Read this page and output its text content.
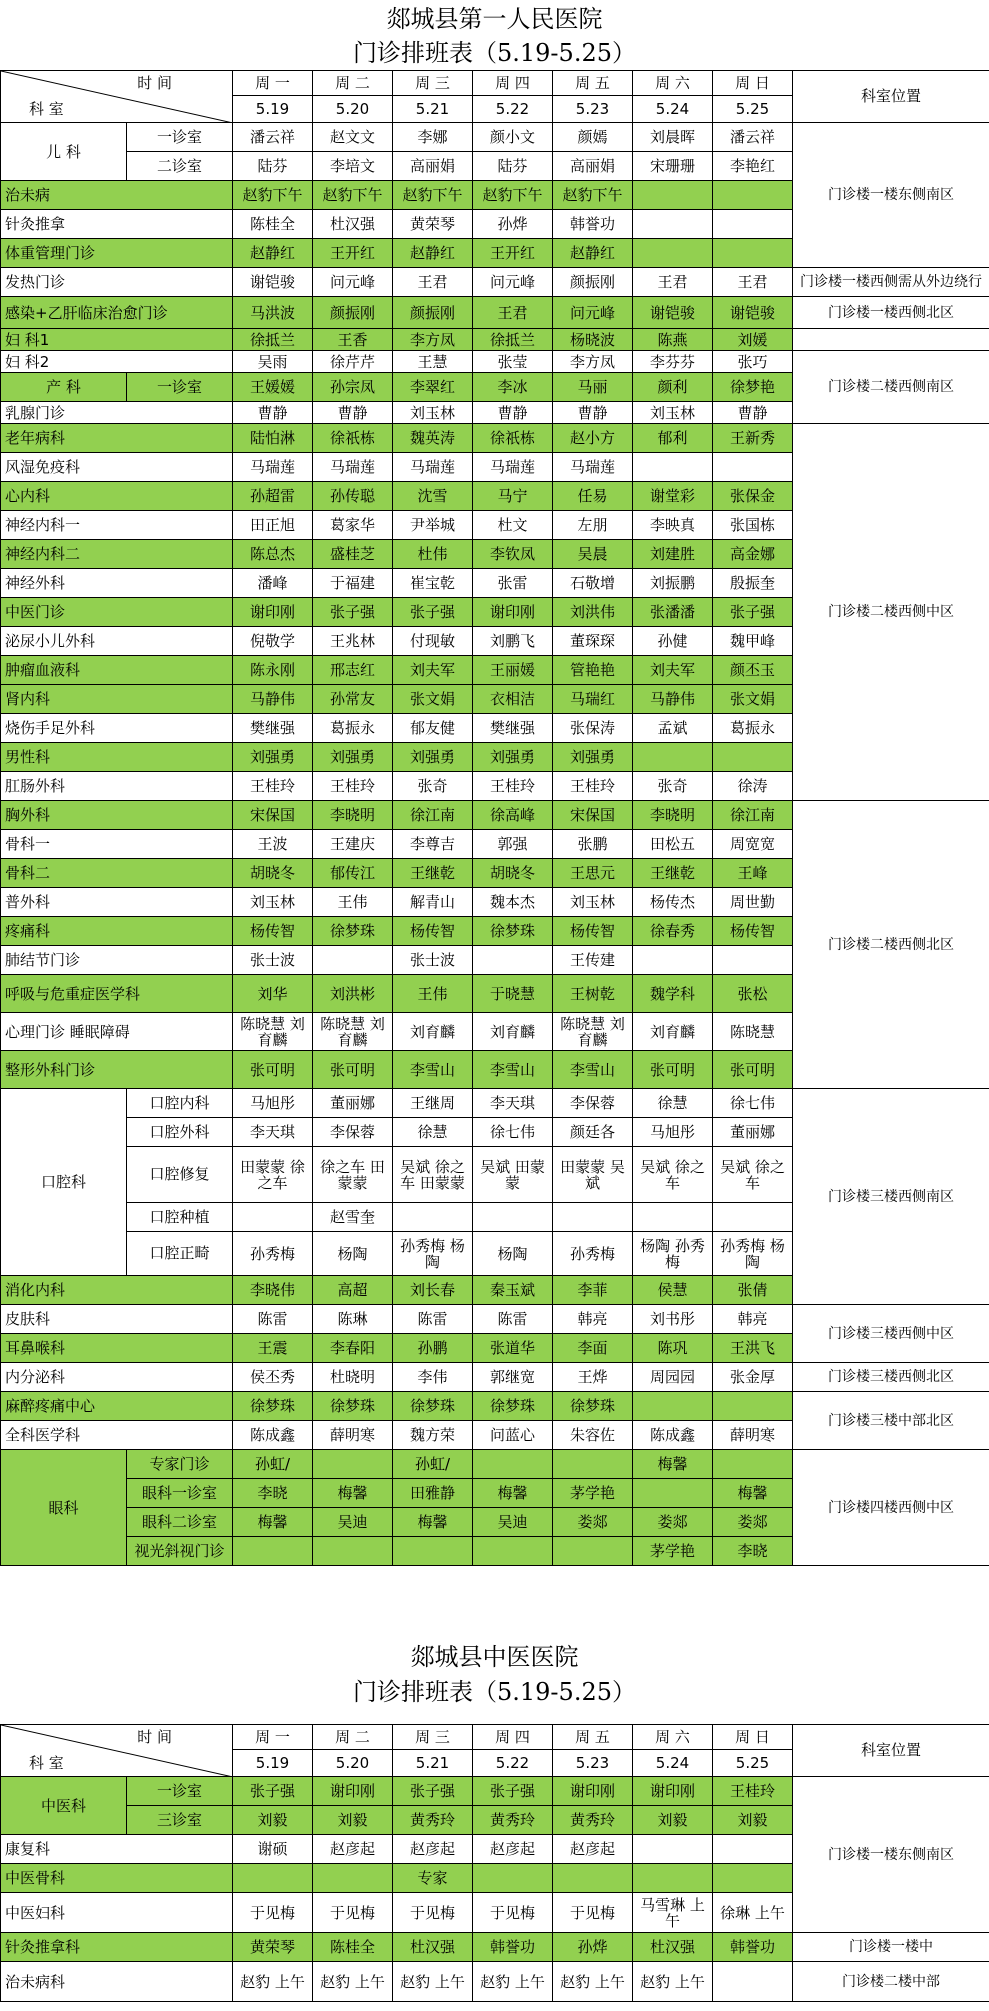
郯城县第一人民医院
门诊排班表（5.19-5.25）
时 间
科 室		周 一	周 二	周 三	周 四	周 五	周 六	周 日	科室位置
		5.19	5.20	5.21	5.22	5.23	5.24	5.25	
儿 科	一诊室	潘云祥	赵文文	李娜	颜小文	颜嫣	刘晨晖	潘云祥	门诊楼一楼东侧南区
	二诊室	陆芬	李培文	高丽娟	陆芬	高丽娟	宋珊珊	李艳红	
治未病		赵豹下午	赵豹下午	赵豹下午	赵豹下午	赵豹下午			
针灸推拿		陈桂全	杜汉强	黄荣琴	孙烨	韩誉功			
体重管理门诊		赵静红	王开红	赵静红	王开红	赵静红			
发热门诊		谢铠骏	问元峰	王君	问元峰	颜振刚	王君	王君	门诊楼一楼西侧需从外边绕行
感染+乙肝临床治愈门诊		马洪波	颜振刚	颜振刚	王君	问元峰	谢铠骏	谢铠骏	门诊楼一楼西侧北区
妇 科1		徐抵兰	王香	李方凤	徐抵兰	杨晓波	陈燕	刘媛	
妇 科2		吴雨	徐芹芹	王慧	张莹	李方凤	李芬芬	张巧	门诊楼二楼西侧南区
产 科	一诊室	王媛媛	孙宗凤	李翠红	李冰	马丽	颜利	徐梦艳	
乳腺门诊		曹静	曹静	刘玉林	曹静	曹静	刘玉林	曹静	
老年病科		陆怕淋	徐祇栋	魏英涛	徐祇栋	赵小方	郁利	王新秀	门诊楼二楼西侧中区
风湿免疫科		马瑞莲	马瑞莲	马瑞莲	马瑞莲	马瑞莲			
心内科		孙超雷	孙传聪	沈雪	马宁	任易	谢堂彩	张保金	
神经内科一		田正旭	葛家华	尹举城	杜文	左朋	李映真	张国栋	
神经内科二		陈总杰	盛桂芝	杜伟	李钦凤	吴晨	刘建胜	高金娜	
神经外科		潘峰	于福建	崔宝乾	张雷	石敬增	刘振鹏	殷振奎	
中医门诊		谢印刚	张子强	张子强	谢印刚	刘洪伟	张潘潘	张子强	
泌尿小儿外科		倪敬学	王兆林	付现敏	刘鹏飞	董琛琛	孙健	魏甲峰	
肿瘤血液科		陈永刚	邢志红	刘夫军	王丽媛	管艳艳	刘夫军	颜丕玉	
肾内科		马静伟	孙常友	张文娟	衣相洁	马瑞红	马静伟	张文娟	
烧伤手足外科		樊继强	葛振永	郁友健	樊继强	张保涛	孟斌	葛振永	
男性科		刘强勇	刘强勇	刘强勇	刘强勇	刘强勇			
肛肠外科		王桂玲	王桂玲	张奇	王桂玲	王桂玲	张奇	徐涛	
胸外科		宋保国	李晓明	徐江南	徐高峰	宋保国	李晓明	徐江南	门诊楼二楼西侧北区
骨科一		王波	王建庆	李尊吉	郭强	张鹏	田松五	周宽宽	
骨科二		胡晓冬	郁传江	王继乾	胡晓冬	王思元	王继乾	王峰	
普外科		刘玉林	王伟	解青山	魏本杰	刘玉林	杨传杰	周世勤	
疼痛科		杨传智	徐梦珠	杨传智	徐梦珠	杨传智	徐春秀	杨传智	
肺结节门诊		张士波		张士波		王传建			
呼吸与危重症医学科		刘华	刘洪彬	王伟	于晓慧	王树乾	魏学科	张松	
心理门诊 睡眠障碍		陈晓慧 刘育麟	陈晓慧 刘育麟	刘育麟	刘育麟	陈晓慧 刘育麟	刘育麟	陈晓慧	
整形外科门诊		张可明	张可明	李雪山	李雪山	李雪山	张可明	张可明	
口腔科	口腔内科	马旭彤	董丽娜	王继周	李天琪	李保蓉	徐慧	徐七伟	门诊楼三楼西侧南区
	口腔外科	李天琪	李保蓉	徐慧	徐七伟	颜廷各	马旭彤	董丽娜	
	口腔修复	田蒙蒙 徐之车	徐之车 田蒙蒙	吴斌 徐之车 田蒙蒙	吴斌 田蒙蒙	田蒙蒙 吴斌	吴斌 徐之车	吴斌 徐之车	
	口腔种植		赵雪奎						
	口腔正畸	孙秀梅	杨陶	孙秀梅 杨陶	杨陶	孙秀梅	杨陶 孙秀梅	孙秀梅 杨陶	
消化内科		李晓伟	高超	刘长春	秦玉斌	李菲	侯慧	张倩	
皮肤科		陈雷	陈琳	陈雷	陈雷	韩亮	刘书彤	韩亮	门诊楼三楼西侧中区
耳鼻喉科		王震	李春阳	孙鹏	张道华	李面	陈巩	王洪飞	
内分泌科		侯丕秀	杜晓明	李伟	郭继宽	王烨	周园园	张金厚	门诊楼三楼西侧北区
麻醉疼痛中心		徐梦珠	徐梦珠	徐梦珠	徐梦珠	徐梦珠			门诊楼三楼中部北区
全科医学科		陈成鑫	薛明寒	魏方荣	问蓝心	朱容佐	陈成鑫	薛明寒	
眼科	专家门诊	孙虹/		孙虹/			梅馨		门诊楼四楼西侧中区
	眼科一诊室	李晓	梅馨	田雅静	梅馨	茅学艳		梅馨	
	眼科二诊室	梅馨	吴迪	梅馨	吴迪	娄郯	娄郯	娄郯	
	视光斜视门诊						茅学艳	李晓	
郯城县中医医院
门诊排班表（5.19-5.25）
时 间
科 室		周 一	周 二	周 三	周 四	周 五	周 六	周 日	科室位置
		5.19	5.20	5.21	5.22	5.23	5.24	5.25	
中医科	一诊室	张子强	谢印刚	张子强	张子强	谢印刚	谢印刚	王桂玲	门诊楼一楼东侧南区
	三诊室	刘毅	刘毅	黄秀玲	黄秀玲	黄秀玲	刘毅	刘毅	
康复科		谢硕	赵彦起	赵彦起	赵彦起	赵彦起			
中医骨科				专家					
中医妇科		于见梅	于见梅	于见梅	于见梅	于见梅	马雪琳 上午	徐琳 上午	
针灸推拿科		黄荣琴	陈桂全	杜汉强	韩誉功	孙烨	杜汉强	韩誉功	门诊楼一楼中
治未病科		赵豹 上午	赵豹 上午	赵豹 上午	赵豹 上午	赵豹 上午	赵豹 上午		门诊楼二楼中部
